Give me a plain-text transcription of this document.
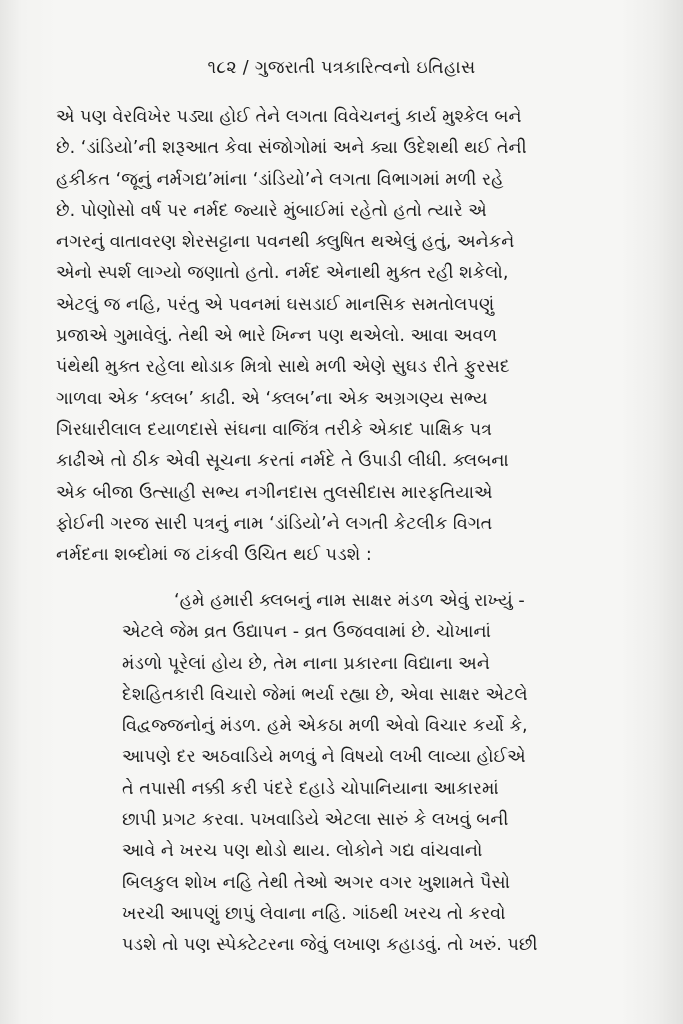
૧૮૨ / ગુજરાતી પત્રકારિત્વનો ઇતિહાસ
એ પણ વેરવિખેર પડ્યા હોઈ તેને લગતા વિવેચનનું કાર્ય મુશ્કેલ બને
છે. ‘ડાંડિયો’ની શરૂઆત કેવા સંજોગોમાં અને ક્યા ઉદેશથી થઈ તેની
હકીકત ‘જૂનું નર્મગદ્ય’માંના ‘ડાંડિયો’ને લગતા વિભાગમાં મળી રહે
છે. પોણોસો વર્ષ પર નર્મદ જ્યારે મુંબાઈમાં રહેતો હતો ત્યારે એ
નગરનું વાતાવરણ શેરસટ્ટાના પવનથી ક્લુષિત થએલું હતું, અનેકને
એનો સ્પર્શ લાગ્યો જણાતો હતો. નર્મદ એનાથી મુક્ત રહી શકેલો,
એટલું જ નહિ, પરંતુ એ પવનમાં ઘસડાઈ માનસિક સમતોલપણું
પ્રજાએ ગુમાવેલું. તેથી એ ભારે ખિન્ન પણ થએલો. આવા અવળ
પંથેથી મુક્ત રહેલા થોડાક મિત્રો સાથે મળી એણે સુઘડ રીતે ફુરસદ
ગાળવા એક ‘ક્લબ’ કાઢી. એ ‘ક્લબ’ના એક અગ્રગણ્ય સભ્ય
ગિરધારીલાલ દયાળદાસે સંઘના વાજિંત્ર તરીકે એકાદ પાક્ષિક પત્ર
કાઢીએ તો ઠીક એવી સૂચના કરતાં નર્મદે તે ઉપાડી લીધી. ક્લબના
એક બીજા ઉત્સાહી સભ્ય નગીનદાસ તુલસીદાસ મારફતિયાએ
ફોઈની ગરજ સારી પત્રનું નામ ‘ડાંડિયો’ને લગતી કેટલીક વિગત
નર્મદના શબ્દોમાં જ ટાંકવી ઉચિત થઈ પડશે :
‘હમે હમારી ક્લબનું નામ સાક્ષર મંડળ એવું રાખ્યું -
એટલે જેમ વ્રત ઉદ્યાપન - વ્રત ઉજવવામાં છે. ચોખાનાં
મંડળો પૂરેલાં હોય છે, તેમ નાના પ્રકારના વિદ્યાના અને
દેશહિતકારી વિચારો જેમાં ભર્યા રહ્યા છે, એવા સાક્ષર એટલે
વિદ્વજ્જનોનું મંડળ. હમે એકઠા મળી એવો વિચાર કર્યો કે,
આપણે દર અઠવાડિયે મળવું ને વિષયો લખી લાવ્યા હોઈએ
તે તપાસી નક્કી કરી પંદરે દહાડે ચોપાનિયાના આકારમાં
છાપી પ્રગટ કરવા. પખવાડિયે એટલા સારું કે લખવું બની
આવે ને ખરચ પણ થોડો થાય. લોકોને ગદ્ય વાંચવાનો
બિલકુલ શોખ નહિ તેથી તેઓ અગર વગર ખુશામતે પૈસો
ખરચી આપણું છાપું લેવાના નહિ. ગાંઠથી ખરચ તો કરવો
પડશે તો પણ સ્પેક્ટેટરના જેવું લખાણ કહાડવું. તો ખરું. પછી
